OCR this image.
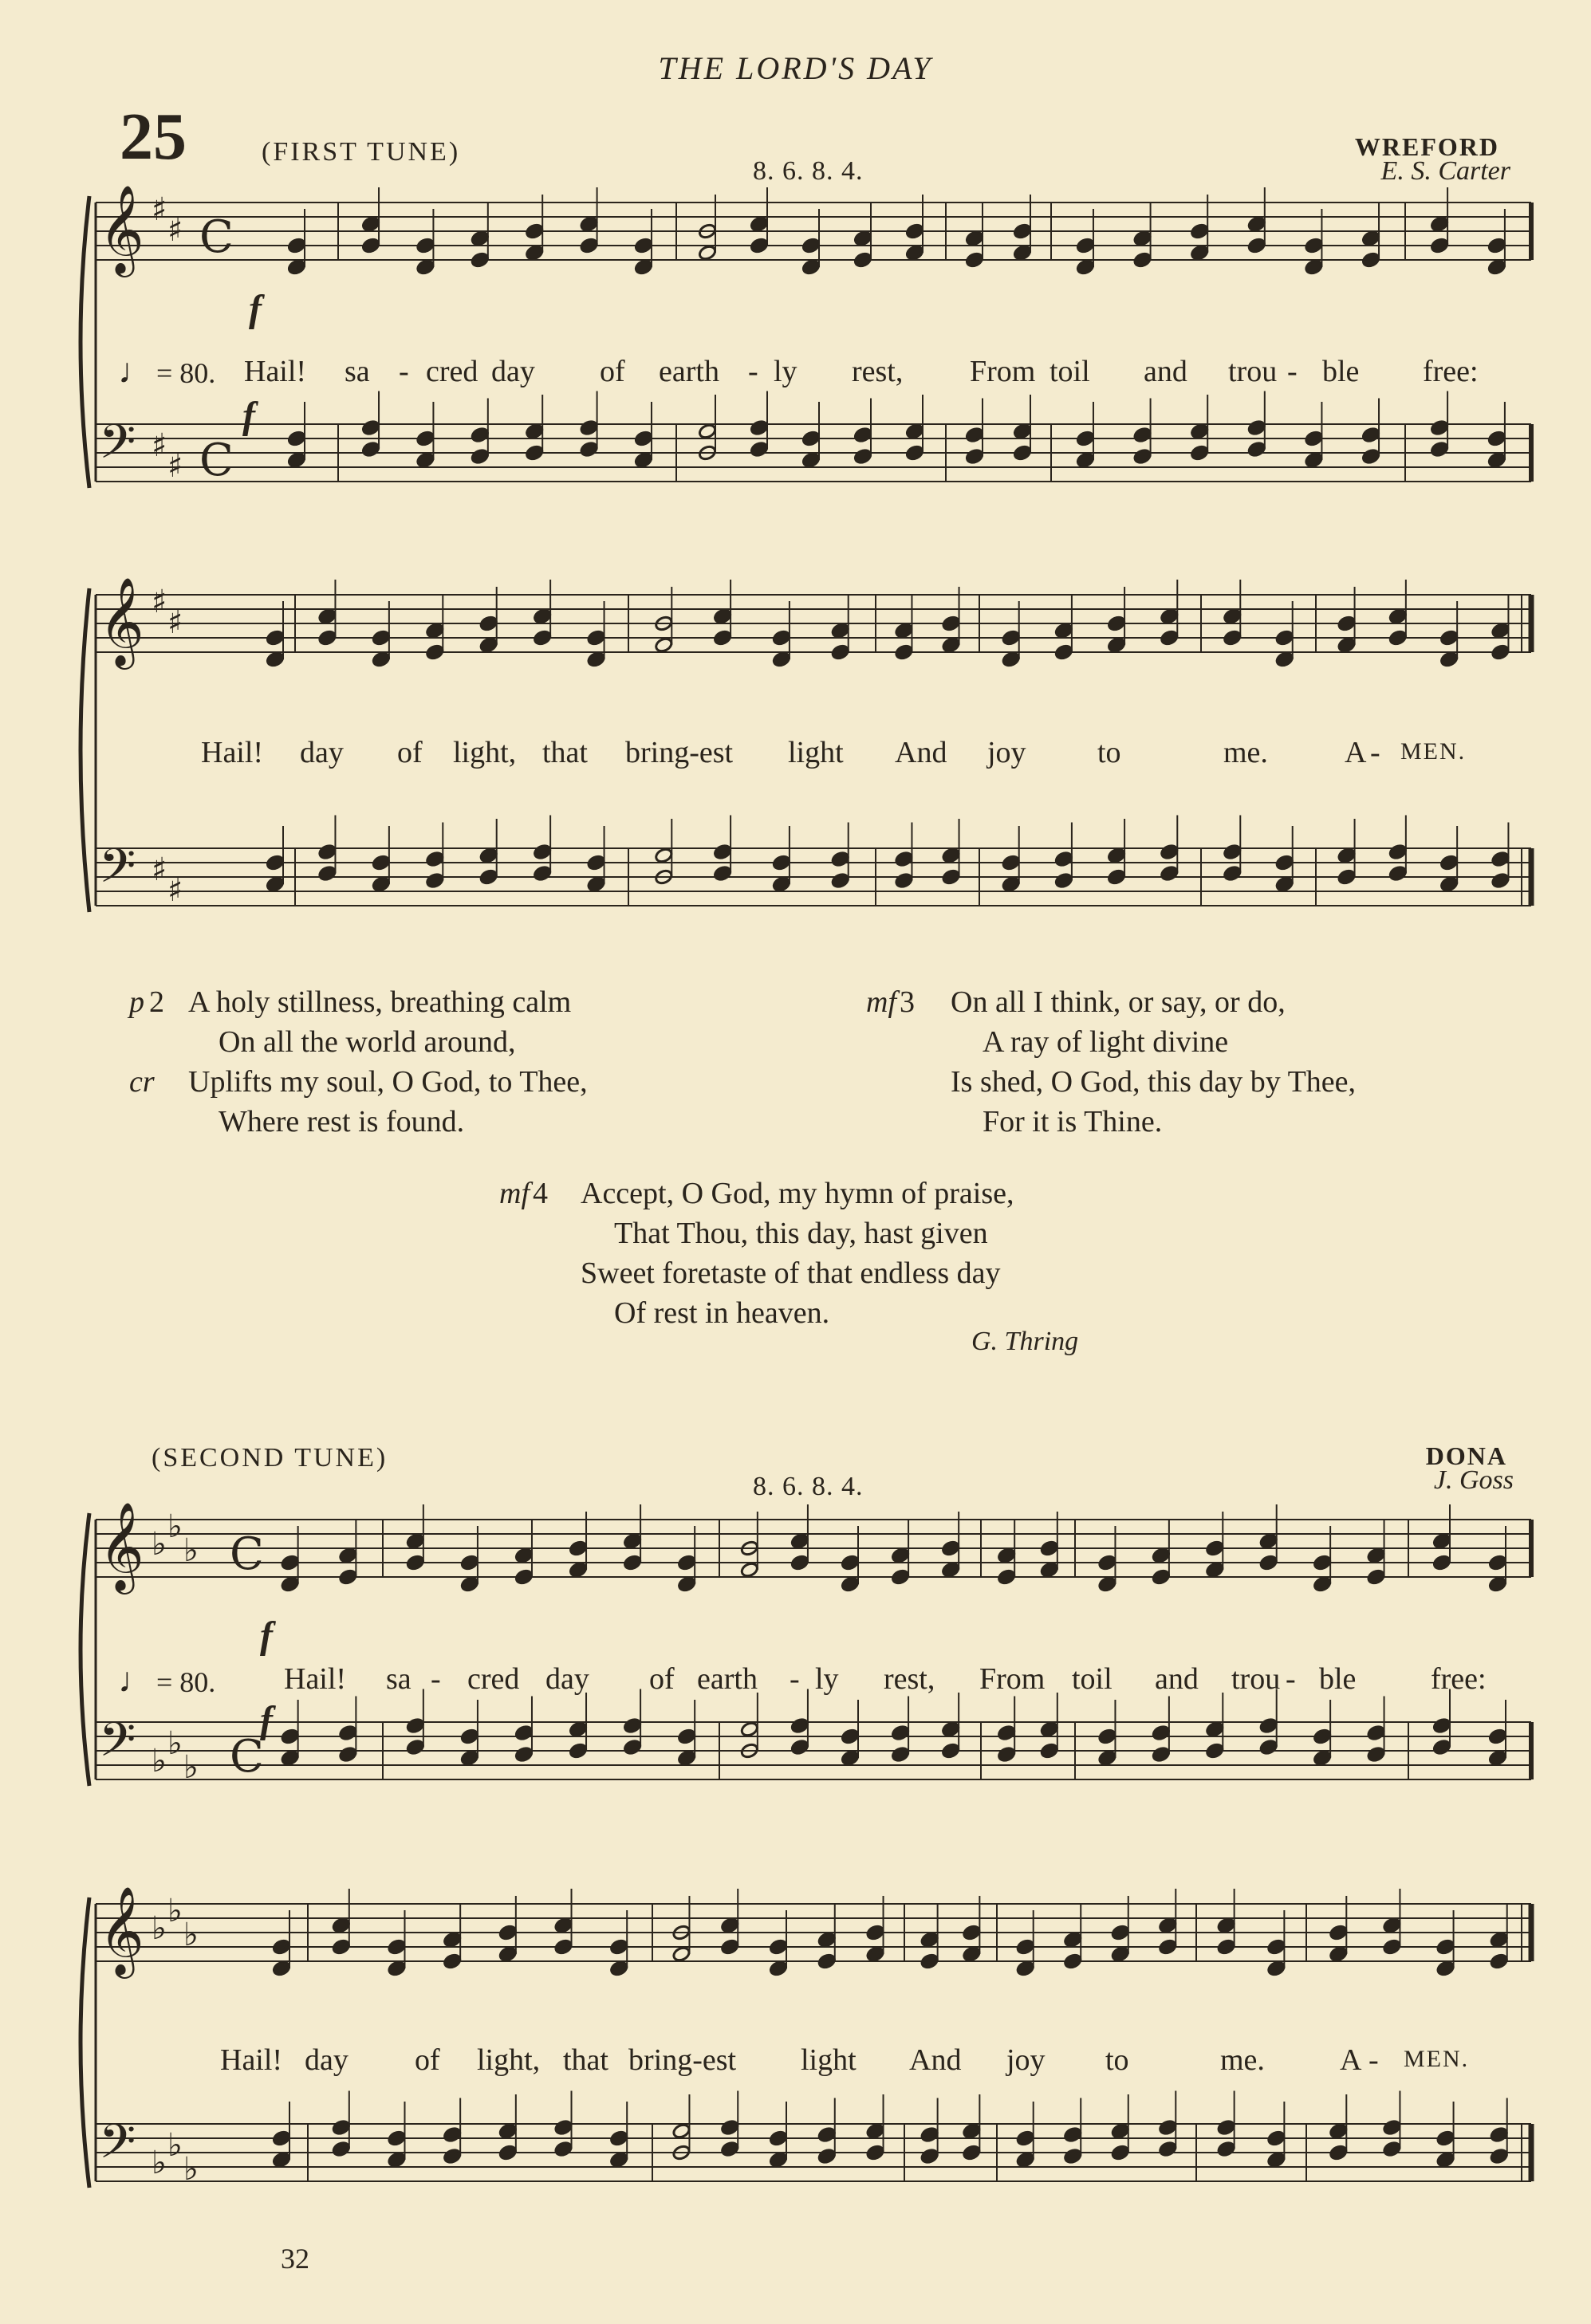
THE LORD'S DAY
25	(FIRST TUNE)
8. 6. 8. 4.
WREFORD
E. S. Carter
𝄞
𝄢
♯
♯
♯
♯
C
C
𝄞
𝄢
♯
♯
♯
♯
𝄞
𝄢
♭
♭
♭
♭
♭
♭
C
C
𝄞
𝄢
♭
♭
♭
♭
♭
♭
♩ = 80.
f
f
Hail! sa - cred day of earth - ly rest, From toil and trou - ble free:
Hail! day of light, that bring-est light And joy to	me.	A - MEN.
p 2 A holy stillness, breathing calm
On all the world around,
cr Uplifts my soul, O God, to Thee,
Where rest is found.
mf 3 On all I think, or say, or do,
A ray of light divine
Is shed, O God, this day by Thee,
For it is Thine.
mf 4 Accept, O God, my hymn of praise,
That Thou, this day, hast given
Sweet foretaste of that endless day
Of rest in heaven.
G. Thring
(SECOND TUNE)
8. 6. 8. 4.
DONA
J. Goss
♩ = 80.
f
f
Hail! sa - cred day of earth - ly rest, From toil and trou - ble free:
Hail! day of light, that bring-est light And joy to	me. A - MEN.
32
